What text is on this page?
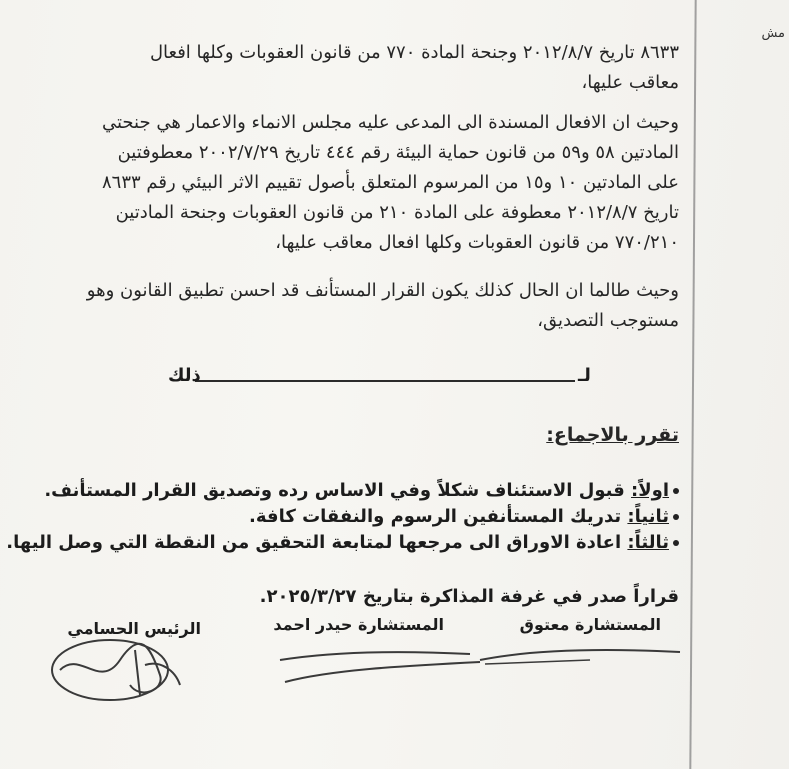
مش
٨٦٣٣ تاريخ ٢٠١٢/٨/٧ وجنحة المادة ٧٧٠ من قانون العقوبات وكلها افعال
معاقب عليها،
وحيث ان الافعال المسندة الى المدعى عليه مجلس الانماء والاعمار هي جنحتي
المادتين ٥٨ و٥٩ من قانون حماية البيئة رقم ٤٤٤ تاريخ ٢٠٠٢/٧/٢٩ معطوفتين
على المادتين ١٠ و١٥ من المرسوم المتعلق بأصول تقييم الاثر البيئي رقم ٨٦٣٣
تاريخ ٢٠١٢/٨/٧ معطوفة على المادة ٢١٠ من قانون العقوبات وجنحة المادتين
٧٧٠/٢١٠ من قانون العقوبات وكلها افعال معاقب عليها،
وحيث طالما ان الحال كذلك يكون القرار المستأنف قد احسن تطبيق القانون وهو
مستوجب التصديق،
لـ
ذلك
تقرر بالاجماع:
اولاً: قبول الاستئناف شكلاً وفي الاساس رده وتصديق القرار المستأنف.
ثانياً: تدريك المستأنفين الرسوم والنفقات كافة.
ثالثاً: اعادة الاوراق الى مرجعها لمتابعة التحقيق من النقطة التي وصل اليها.
قراراً صدر في غرفة المذاكرة بتاريخ ٢٠٢٥/٣/٢٧.
المستشارة معتوق
المستشارة حيدر احمد
الرئيس الحسامي
